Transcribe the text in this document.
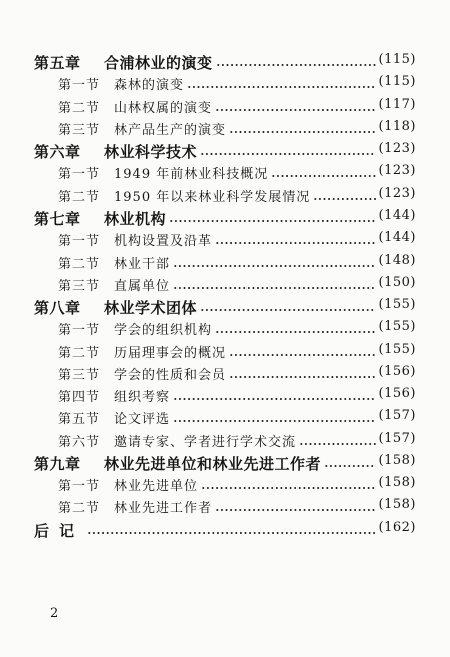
第五章 合浦林业的演变	(115)
第一节 森林的演变	(115)
第二节 山林权属的演变	(117)
第三节 林产品生产的演变	(118)
第六章 林业科学技术	(123)
第一节 1949 年前林业科技概况	(123)
第二节 1950 年以来林业科学发展情况	(123)
第七章 林业机构	(144)
第一节 机构设置及沿革	(144)
第二节 林业干部	(148)
第三节 直属单位	(150)
第八章 林业学术团体	(155)
第一节 学会的组织机构	(155)
第二节 历届理事会的概况	(155)
第三节 学会的性质和会员	(156)
第四节 组织考察	(156)
第五节 论文评选	(157)
第六节 邀请专家、学者进行学术交流	(157)
第九章 林业先进单位和林业先进工作者	(158)
第一节 林业先进单位	(158)
第二节 林业先进工作者	(158)
后记	(162)
2
